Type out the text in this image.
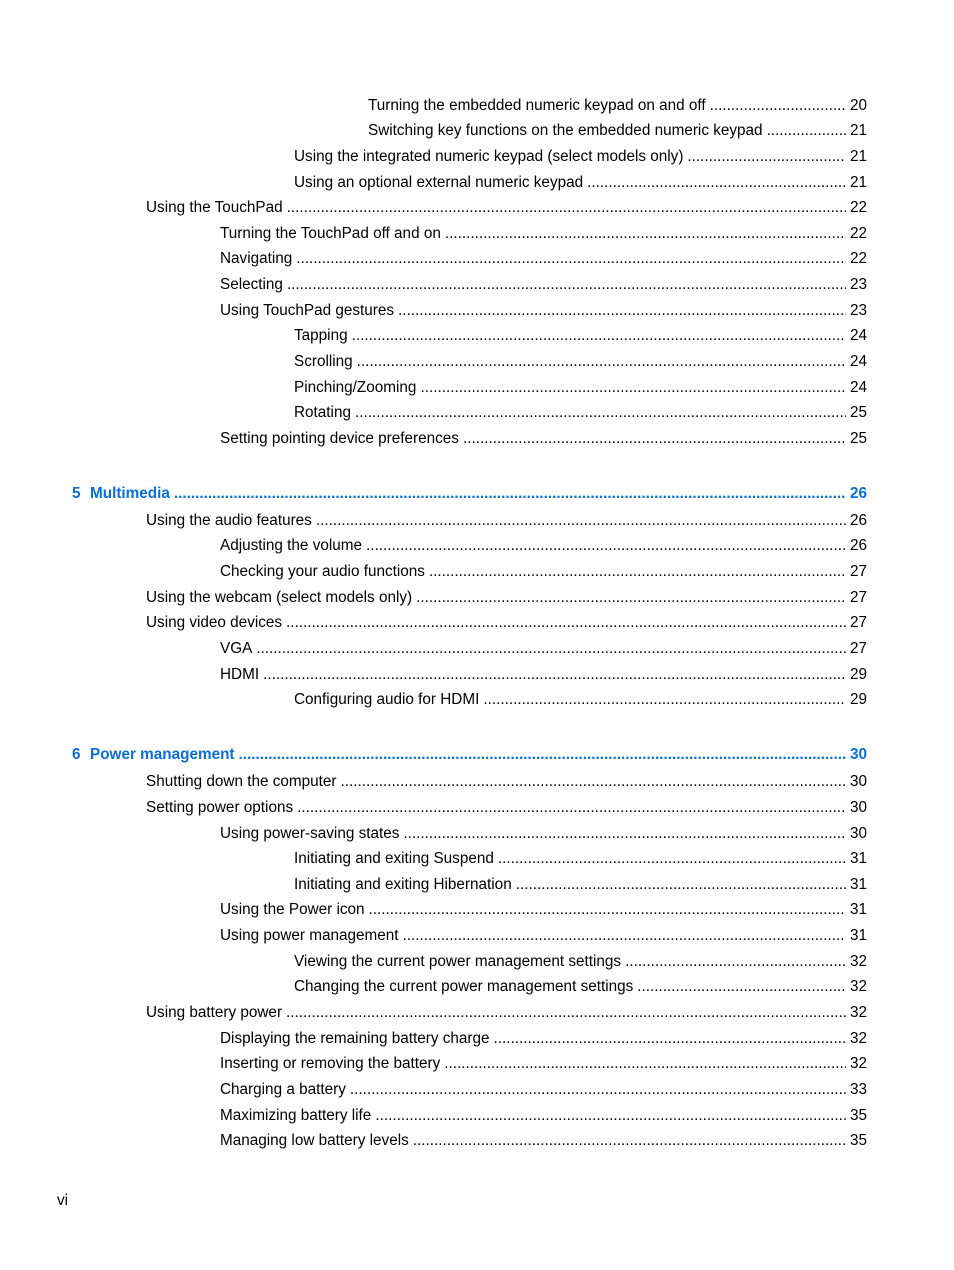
Turning the embedded numeric keypad on and off .....	20
Switching key functions on the embedded numeric keypad .....	21
Using the integrated numeric keypad (select models only) .....	21
Using an optional external numeric keypad .....	21
Using the TouchPad .....	22
Turning the TouchPad off and on .....	22
Navigating .....	22
Selecting .....	23
Using TouchPad gestures .....	23
Tapping .....	24
Scrolling .....	24
Pinching/Zooming .....	24
Rotating .....	25
Setting pointing device preferences .....	25
5 Multimedia .....	26
Using the audio features .....	26
Adjusting the volume .....	26
Checking your audio functions .....	27
Using the webcam (select models only) .....	27
Using video devices .....	27
VGA .....	27
HDMI .....	29
Configuring audio for HDMI .....	29
6 Power management .....	30
Shutting down the computer .....	30
Setting power options .....	30
Using power-saving states .....	30
Initiating and exiting Suspend .....	31
Initiating and exiting Hibernation .....	31
Using the Power icon .....	31
Using power management .....	31
Viewing the current power management settings .....	32
Changing the current power management settings .....	32
Using battery power .....	32
Displaying the remaining battery charge .....	32
Inserting or removing the battery .....	32
Charging a battery .....	33
Maximizing battery life .....	35
Managing low battery levels .....	35
vi
